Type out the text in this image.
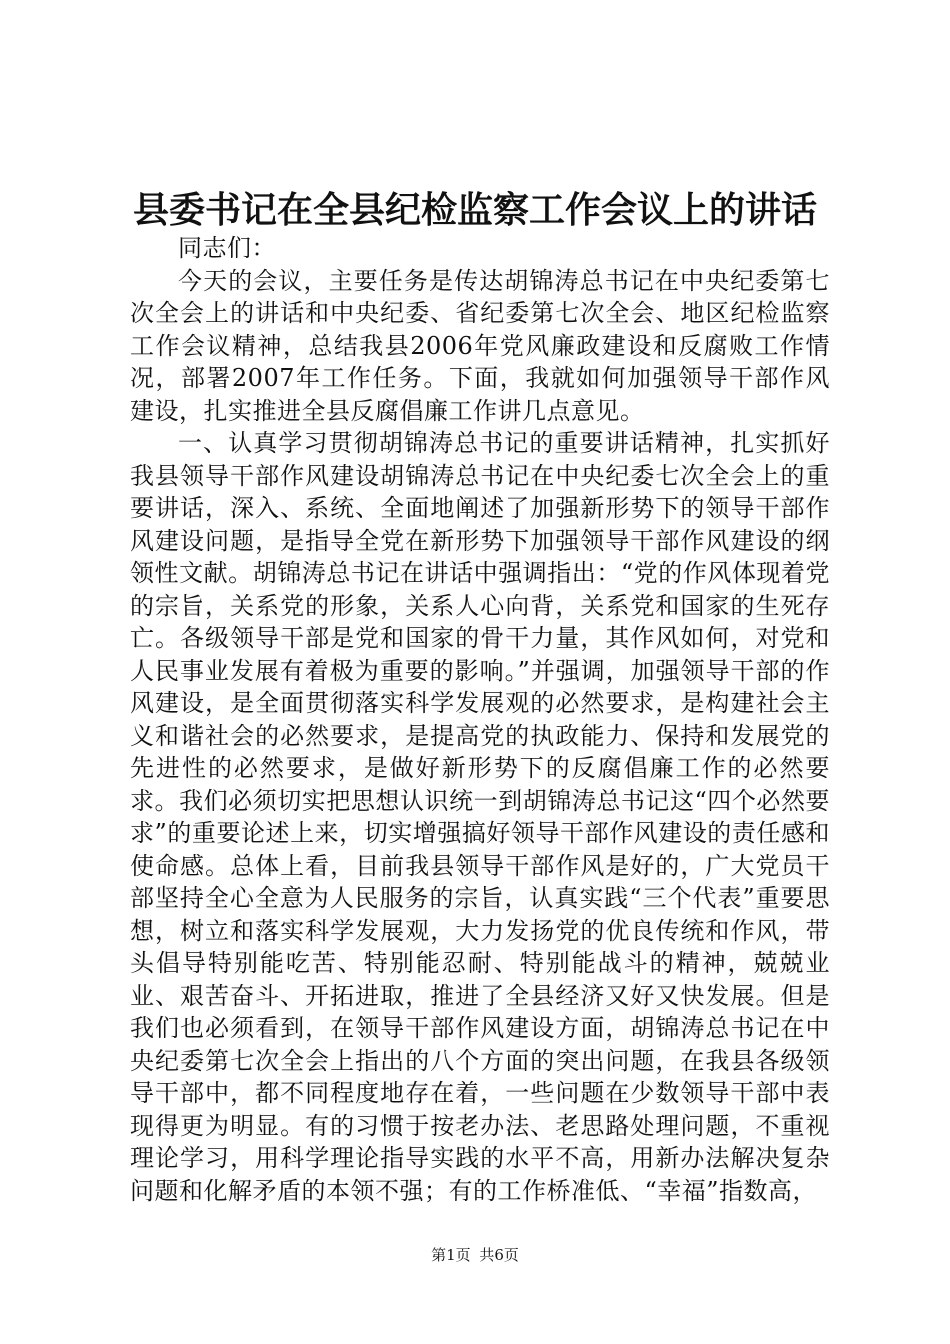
县委书记在全县纪检监察工作会议上的讲话

同志们：

今天的会议，主要任务是传达胡锦涛总书记在中央纪委第七次全会上的讲话和中央纪委、省纪委第七次全会、地区纪检监察工作会议精神，总结我县2006年党风廉政建设和反腐败工作情况，部署2007年工作任务。下面，我就如何加强领导干部作风建设，扎实推进全县反腐倡廉工作讲几点意见。

一、认真学习贯彻胡锦涛总书记的重要讲话精神，扎实抓好我县领导干部作风建设胡锦涛总书记在中央纪委七次全会上的重要讲话，深入、系统、全面地阐述了加强新形势下的领导干部作风建设问题，是指导全党在新形势下加强领导干部作风建设的纲领性文献。胡锦涛总书记在讲话中强调指出：“党的作风体现着党的宗旨，关系党的形象，关系人心向背，关系党和国家的生死存亡。各级领导干部是党和国家的骨干力量，其作风如何，对党和人民事业发展有着极为重要的影响。”并强调，加强领导干部的作风建设，是全面贯彻落实科学发展观的必然要求，是构建社会主义和谐社会的必然要求，是提高党的执政能力、保持和发展党的先进性的必然要求，是做好新形势下的反腐倡廉工作的必然要求。我们必须切实把思想认识统一到胡锦涛总书记这“四个必然要求”的重要论述上来，切实增强搞好领导干部作风建设的责任感和使命感。总体上看，目前我县领导干部作风是好的，广大党员干部坚持全心全意为人民服务的宗旨，认真实践“三个代表”重要思想，树立和落实科学发展观，大力发扬党的优良传统和作风，带头倡导特别能吃苦、特别能忍耐、特别能战斗的精神，兢兢业业、艰苦奋斗、开拓进取，推进了全县经济又好又快发展。但是我们也必须看到，在领导干部作风建设方面，胡锦涛总书记在中央纪委第七次全会上指出的八个方面的突出问题，在我县各级领导干部中，都不同程度地存在着，一些问题在少数领导干部中表现得更为明显。有的习惯于按老办法、老思路处理问题，不重视理论学习，用科学理论指导实践的水平不高，用新办法解决复杂问题和化解矛盾的本领不强；有的工作桥准低、“幸福”指数高，

第1页 共6页
